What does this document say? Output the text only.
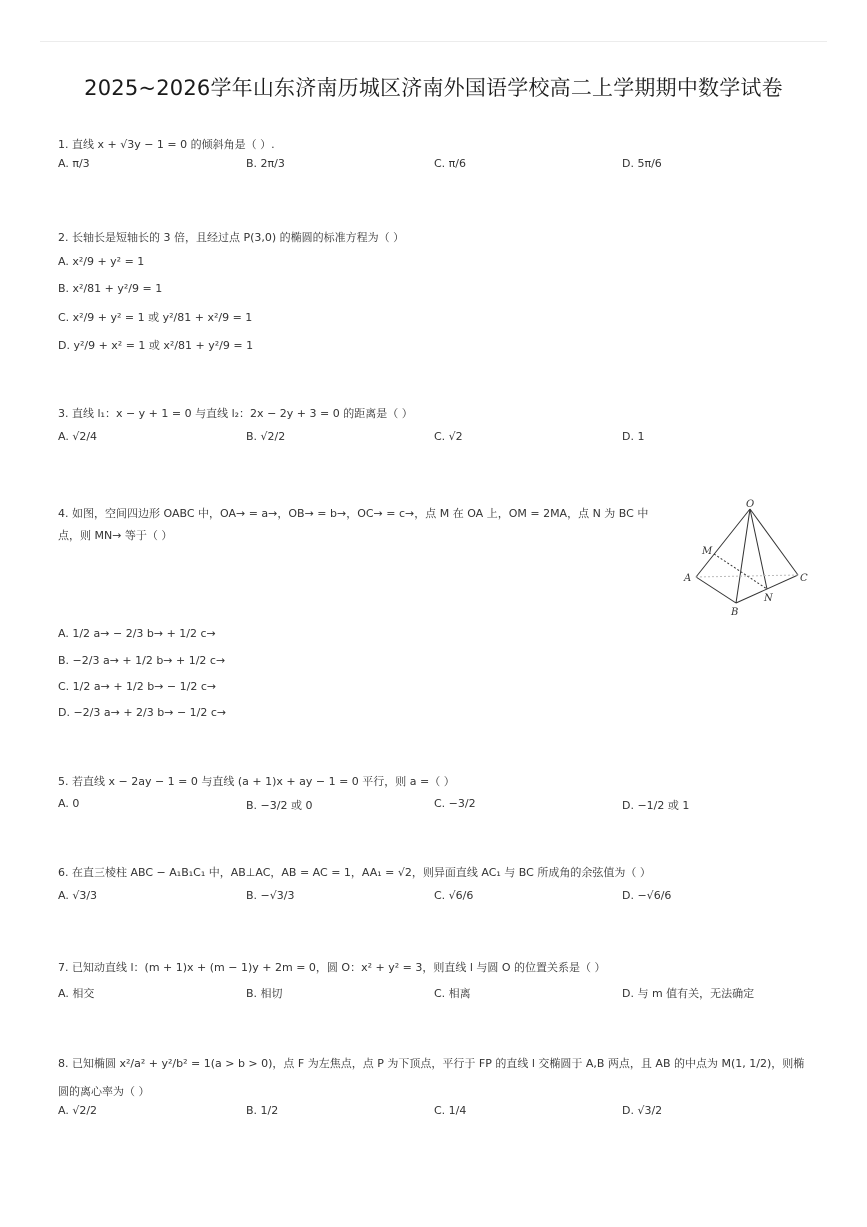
2025~2026学年山东济南历城区济南外国语学校高二上学期期中数学试卷
1. 直线 x + √3y − 1 = 0 的倾斜角是（ ）.
A. π/3	B. 2π/3	C. π/6	D. 5π/6
2. 长轴长是短轴长的 3 倍，且经过点 P(3,0) 的椭圆的标准方程为（ ）
A. x²/9 + y² = 1
B. x²/81 + y²/9 = 1
C. x²/9 + y² = 1 或 y²/81 + x²/9 = 1
D. y²/9 + x² = 1 或 x²/81 + y²/9 = 1
3. 直线 l₁：x − y + 1 = 0 与直线 l₂：2x − 2y + 3 = 0 的距离是（ ）
A. √2/4	B. √2/2	C. √2	D. 1
4. 如图，空间四边形 OABC 中，OA→ = a→，OB→ = b→，OC→ = c→，点 M 在 OA 上，OM = 2MA，点 N 为 BC 中点，则 MN→ 等于（ ）
O
M
A
B
N
C
A. 1/2 a→ − 2/3 b→ + 1/2 c→
B. −2/3 a→ + 1/2 b→ + 1/2 c→
C. 1/2 a→ + 1/2 b→ − 1/2 c→
D. −2/3 a→ + 2/3 b→ − 1/2 c→
5. 若直线 x − 2ay − 1 = 0 与直线 (a + 1)x + ay − 1 = 0 平行，则 a =（ ）
A. 0	B. −3/2 或 0	C. −3/2	D. −1/2 或 1
6. 在直三棱柱 ABC − A₁B₁C₁ 中，AB⊥AC，AB = AC = 1，AA₁ = √2，则异面直线 AC₁ 与 BC 所成角的余弦值为（ ）
A. √3/3	B. −√3/3	C. √6/6	D. −√6/6
7. 已知动直线 l：(m + 1)x + (m − 1)y + 2m = 0，圆 O：x² + y² = 3，则直线 l 与圆 O 的位置关系是（ ）
A. 相交	B. 相切	C. 相离	D. 与 m 值有关，无法确定
8. 已知椭圆 x²/a² + y²/b² = 1(a > b > 0)，点 F 为左焦点，点 P 为下顶点，平行于 FP 的直线 l 交椭圆于 A,B 两点，且 AB 的中点为 M(1, 1/2)，则椭圆的离心率为（ ）
A. √2/2	B. 1/2	C. 1/4	D. √3/2
